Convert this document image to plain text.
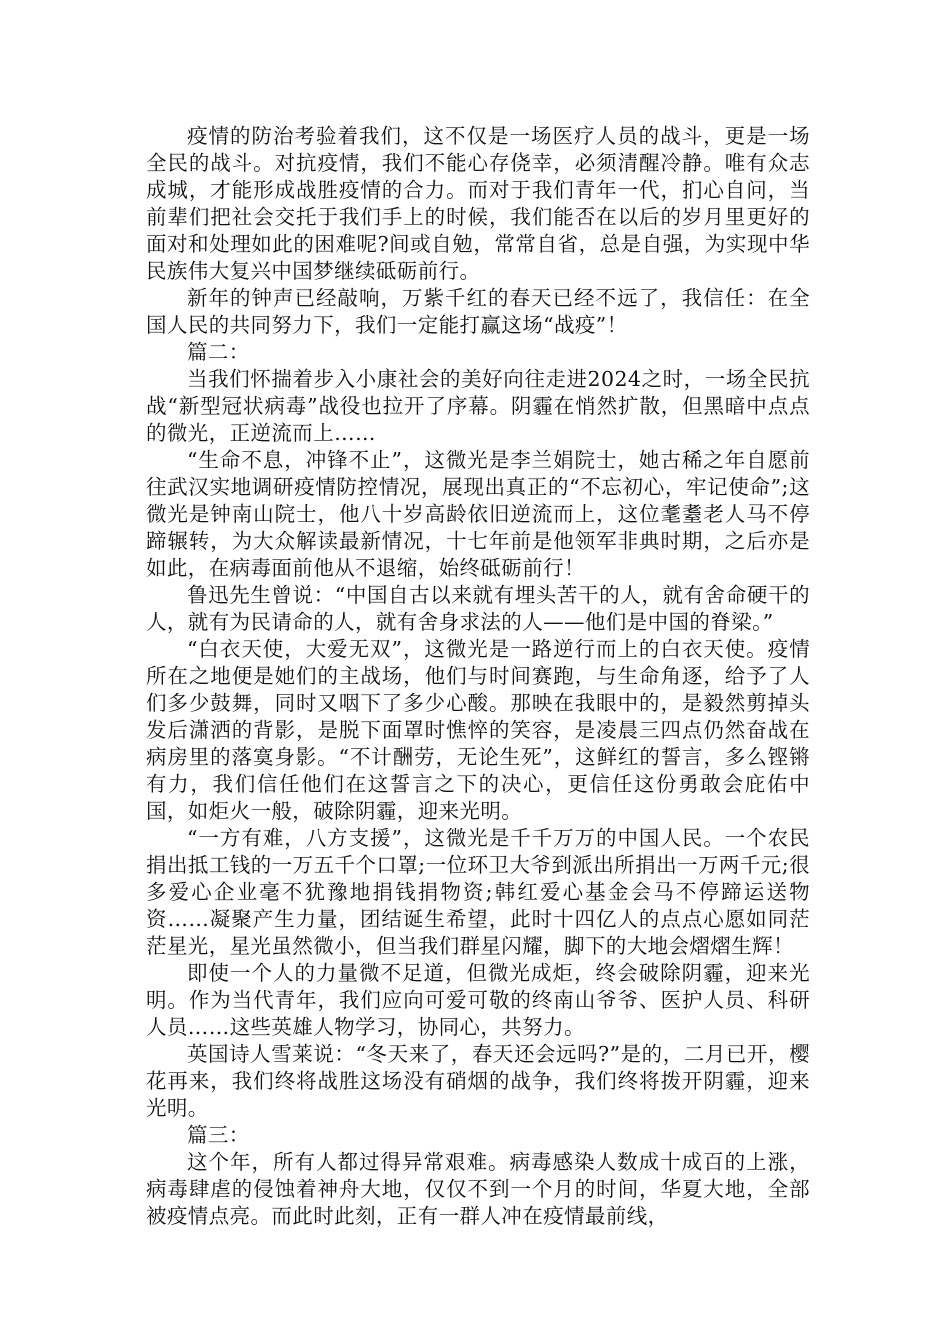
疫情的防治考验着我们，这不仅是一场医疗人员的战斗，更是一场全民的战斗。对抗疫情，我们不能心存侥幸，必须清醒冷静。唯有众志成城，才能形成战胜疫情的合力。而对于我们青年一代，扪心自问，当前辈们把社会交托于我们手上的时候，我们能否在以后的岁月里更好的面对和处理如此的困难呢?间或自勉，常常自省，总是自强，为实现中华民族伟大复兴中国梦继续砥砺前行。

新年的钟声已经敲响，万紫千红的春天已经不远了，我信任：在全国人民的共同努力下，我们一定能打赢这场“战疫”！

篇二：

当我们怀揣着步入小康社会的美好向往走进2024之时，一场全民抗战“新型冠状病毒”战役也拉开了序幕。阴霾在悄然扩散，但黑暗中点点的微光，正逆流而上……

“生命不息，冲锋不止”，这微光是李兰娟院士，她古稀之年自愿前往武汉实地调研疫情防控情况，展现出真正的“不忘初心，牢记使命”;这微光是钟南山院士，他八十岁高龄依旧逆流而上，这位耄耋老人马不停蹄辗转，为大众解读最新情况，十七年前是他领军非典时期，之后亦是如此，在病毒面前他从不退缩，始终砥砺前行！

鲁迅先生曾说：“中国自古以来就有埋头苦干的人，就有舍命硬干的人，就有为民请命的人，就有舍身求法的人——他们是中国的脊梁。”

“白衣天使，大爱无双”，这微光是一路逆行而上的白衣天使。疫情所在之地便是她们的主战场，他们与时间赛跑，与生命角逐，给予了人们多少鼓舞，同时又咽下了多少心酸。那映在我眼中的，是毅然剪掉头发后潇洒的背影，是脱下面罩时憔悴的笑容，是凌晨三四点仍然奋战在病房里的落寞身影。“不计酬劳，无论生死”，这鲜红的誓言，多么铿锵有力，我们信任他们在这誓言之下的决心，更信任这份勇敢会庇佑中国，如炬火一般，破除阴霾，迎来光明。

“一方有难，八方支援”，这微光是千千万万的中国人民。一个农民捐出抵工钱的一万五千个口罩;一位环卫大爷到派出所捐出一万两千元;很多爱心企业毫不犹豫地捐钱捐物资;韩红爱心基金会马不停蹄运送物资……凝聚产生力量，团结诞生希望，此时十四亿人的点点心愿如同茫茫星光，星光虽然微小，但当我们群星闪耀，脚下的大地会熠熠生辉！

即使一个人的力量微不足道，但微光成炬，终会破除阴霾，迎来光明。作为当代青年，我们应向可爱可敬的终南山爷爷、医护人员、科研人员……这些英雄人物学习，协同心，共努力。

英国诗人雪莱说：“冬天来了，春天还会远吗?”是的，二月已开，樱花再来，我们终将战胜这场没有硝烟的战争，我们终将拨开阴霾，迎来光明。

篇三：

这个年，所有人都过得异常艰难。病毒感染人数成十成百的上涨，病毒肆虐的侵蚀着神舟大地，仅仅不到一个月的时间，华夏大地，全部被疫情点亮。而此时此刻，正有一群人冲在疫情最前线，
